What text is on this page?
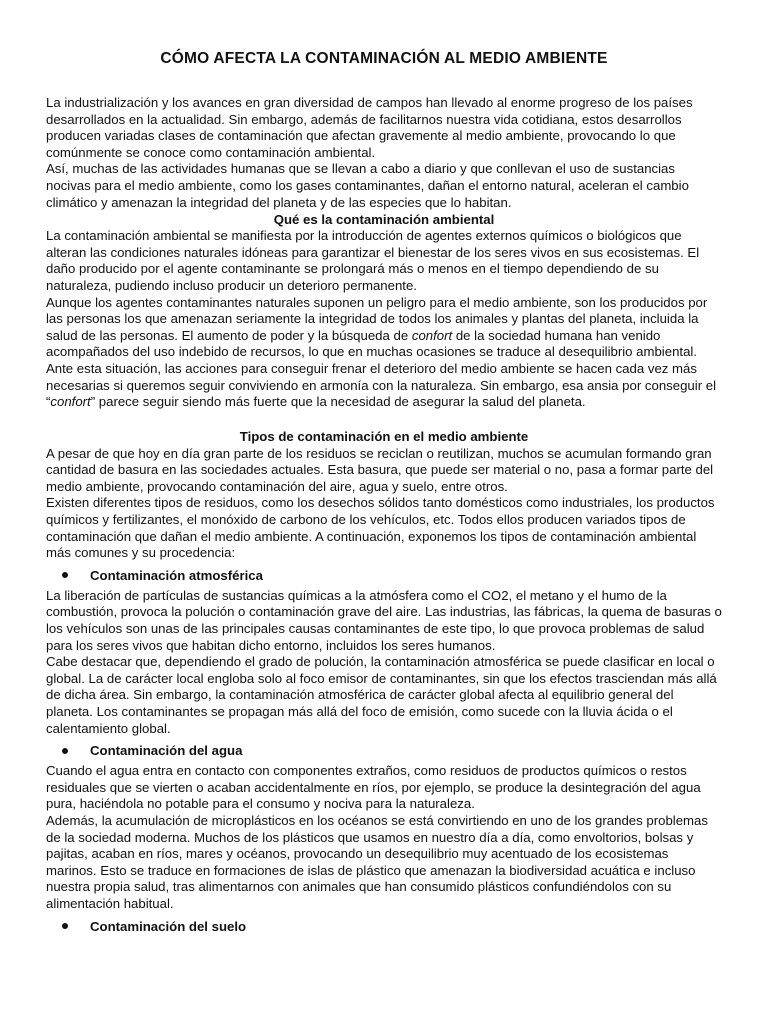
CÓMO AFECTA LA CONTAMINACIÓN AL MEDIO AMBIENTE

La industrialización y los avances en gran diversidad de campos han llevado al enorme progreso de los países desarrollados en la actualidad. Sin embargo, además de facilitarnos nuestra vida cotidiana, estos desarrollos producen variadas clases de contaminación que afectan gravemente al medio ambiente, provocando lo que comúnmente se conoce como contaminación ambiental.

Así, muchas de las actividades humanas que se llevan a cabo a diario y que conllevan el uso de sustancias nocivas para el medio ambiente, como los gases contaminantes, dañan el entorno natural, aceleran el cambio climático y amenazan la integridad del planeta y de las especies que lo habitan.

Qué es la contaminación ambiental

La contaminación ambiental se manifiesta por la introducción de agentes externos químicos o biológicos que alteran las condiciones naturales idóneas para garantizar el bienestar de los seres vivos en sus ecosistemas. El daño producido por el agente contaminante se prolongará más o menos en el tiempo dependiendo de su naturaleza, pudiendo incluso producir un deterioro permanente.

Aunque los agentes contaminantes naturales suponen un peligro para el medio ambiente, son los producidos por las personas los que amenazan seriamente la integridad de todos los animales y plantas del planeta, incluida la salud de las personas. El aumento de poder y la búsqueda de confort de la sociedad humana han venido acompañados del uso indebido de recursos, lo que en muchas ocasiones se traduce al desequilibrio ambiental.

Ante esta situación, las acciones para conseguir frenar el deterioro del medio ambiente se hacen cada vez más necesarias si queremos seguir conviviendo en armonía con la naturaleza. Sin embargo, esa ansia por conseguir el “confort” parece seguir siendo más fuerte que la necesidad de asegurar la salud del planeta.

Tipos de contaminación en el medio ambiente

A pesar de que hoy en día gran parte de los residuos se reciclan o reutilizan, muchos se acumulan formando gran cantidad de basura en las sociedades actuales. Esta basura, que puede ser material o no, pasa a formar parte del medio ambiente, provocando contaminación del aire, agua y suelo, entre otros.

Existen diferentes tipos de residuos, como los desechos sólidos tanto domésticos como industriales, los productos químicos y fertilizantes, el monóxido de carbono de los vehículos, etc. Todos ellos producen variados tipos de contaminación que dañan el medio ambiente. A continuación, exponemos los tipos de contaminación ambiental más comunes y su procedencia:

Contaminación atmosférica

La liberación de partículas de sustancias químicas a la atmósfera como el CO2, el metano y el humo de la combustión, provoca la polución o contaminación grave del aire. Las industrias, las fábricas, la quema de basuras o los vehículos son unas de las principales causas contaminantes de este tipo, lo que provoca problemas de salud para los seres vivos que habitan dicho entorno, incluidos los seres humanos.

Cabe destacar que, dependiendo el grado de polución, la contaminación atmosférica se puede clasificar en local o global. La de carácter local engloba solo al foco emisor de contaminantes, sin que los efectos trasciendan más allá de dicha área. Sin embargo, la contaminación atmosférica de carácter global afecta al equilibrio general del planeta. Los contaminantes se propagan más allá del foco de emisión, como sucede con la lluvia ácida o el calentamiento global.

Contaminación del agua

Cuando el agua entra en contacto con componentes extraños, como residuos de productos químicos o restos residuales que se vierten o acaban accidentalmente en ríos, por ejemplo, se produce la desintegración del agua pura, haciéndola no potable para el consumo y nociva para la naturaleza.

Además, la acumulación de microplásticos en los océanos se está convirtiendo en uno de los grandes problemas de la sociedad moderna. Muchos de los plásticos que usamos en nuestro día a día, como envoltorios, bolsas y pajitas, acaban en ríos, mares y océanos, provocando un desequilibrio muy acentuado de los ecosistemas marinos. Esto se traduce en formaciones de islas de plástico que amenazan la biodiversidad acuática e incluso nuestra propia salud, tras alimentarnos con animales que han consumido plásticos confundiéndolos con su alimentación habitual.

Contaminación del suelo
